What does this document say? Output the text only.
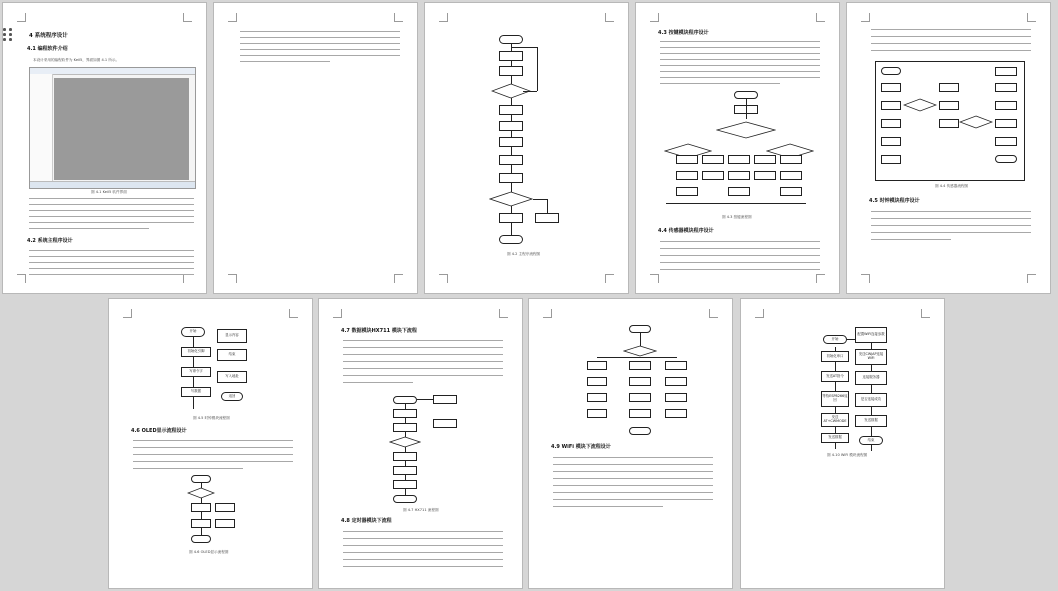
4 系统程序设计
4.1 编程软件介绍
本设计采用的编程软件为 Keil5，界面如图 4.1 所示。
图 4.1 Keil5 软件界面
4.2 系统主程序设计
图 4.2 主程序流程图
4.3 按键模块程序设计
图 4.3 按键流程图
4.4 传感器模块程序设计
图 4.4 传感器流程图
4.5 时钟模块程序设计
开始
初始化引脚
写命令字
写数据
显示内容
结束
写入地址
返回
图 4.5 时钟模块流程图
4.6 OLED显示流程设计
图 4.6 OLED显示流程图
4.7 数据模块HX711 模块下流程
图 4.7 HX711 流程图
4.8 定时器模块下流程
4.9 WiFi 模块下流程设计
开始
初始化串口
发送AT指令
等待ESP8266返回
发送AT+CWMODE
发送数据
配置WiFi连接参数
发送CWJAP连接WiFi
连接服务器
是否连接成功
发送数据
结束
图 4.10 WiFi 模块流程图
